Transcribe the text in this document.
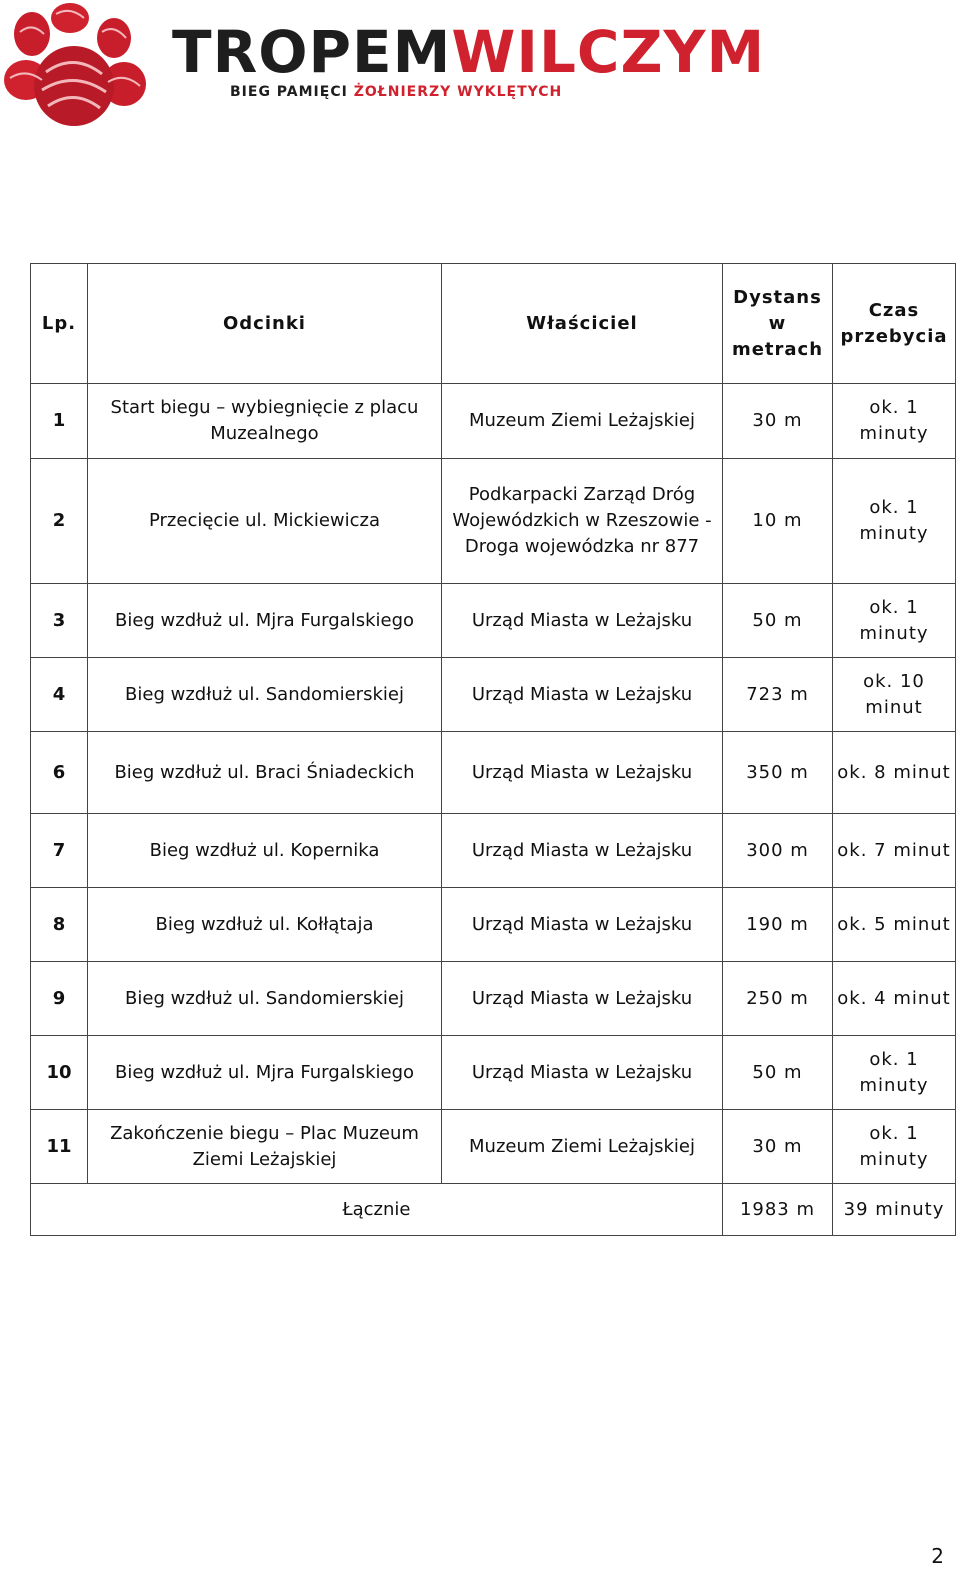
TROPEMWILCZYM
BIEG PAMIĘCI ŻOŁNIERZY WYKLĘTYCH
Lp.	Odcinki	Właściciel	Dystans w metrach	Czas przebycia
1	Start biegu – wybiegnięcie z placu Muzealnego	Muzeum Ziemi Leżajskiej	30 m	ok. 1 minuty
2	Przecięcie ul. Mickiewicza	Podkarpacki Zarząd Dróg Wojewódzkich w Rzeszowie - Droga wojewódzka nr 877	10 m	ok. 1 minuty
3	Bieg wzdłuż ul. Mjra Furgalskiego	Urząd Miasta w Leżajsku	50 m	ok. 1 minuty
4	Bieg wzdłuż ul. Sandomierskiej	Urząd Miasta w Leżajsku	723 m	ok. 10 minut
6	Bieg wzdłuż ul. Braci Śniadeckich	Urząd Miasta w Leżajsku	350 m	ok. 8 minut
7	Bieg wzdłuż ul. Kopernika	Urząd Miasta w Leżajsku	300 m	ok. 7 minut
8	Bieg wzdłuż ul. Kołłątaja	Urząd Miasta w Leżajsku	190 m	ok. 5 minut
9	Bieg wzdłuż ul. Sandomierskiej	Urząd Miasta w Leżajsku	250 m	ok. 4 minut
10	Bieg wzdłuż ul. Mjra Furgalskiego	Urząd Miasta w Leżajsku	50 m	ok. 1 minuty
11	Zakończenie biegu – Plac Muzeum Ziemi Leżajskiej	Muzeum Ziemi Leżajskiej	30 m	ok. 1 minuty
Łącznie			1983 m	39 minuty
2
